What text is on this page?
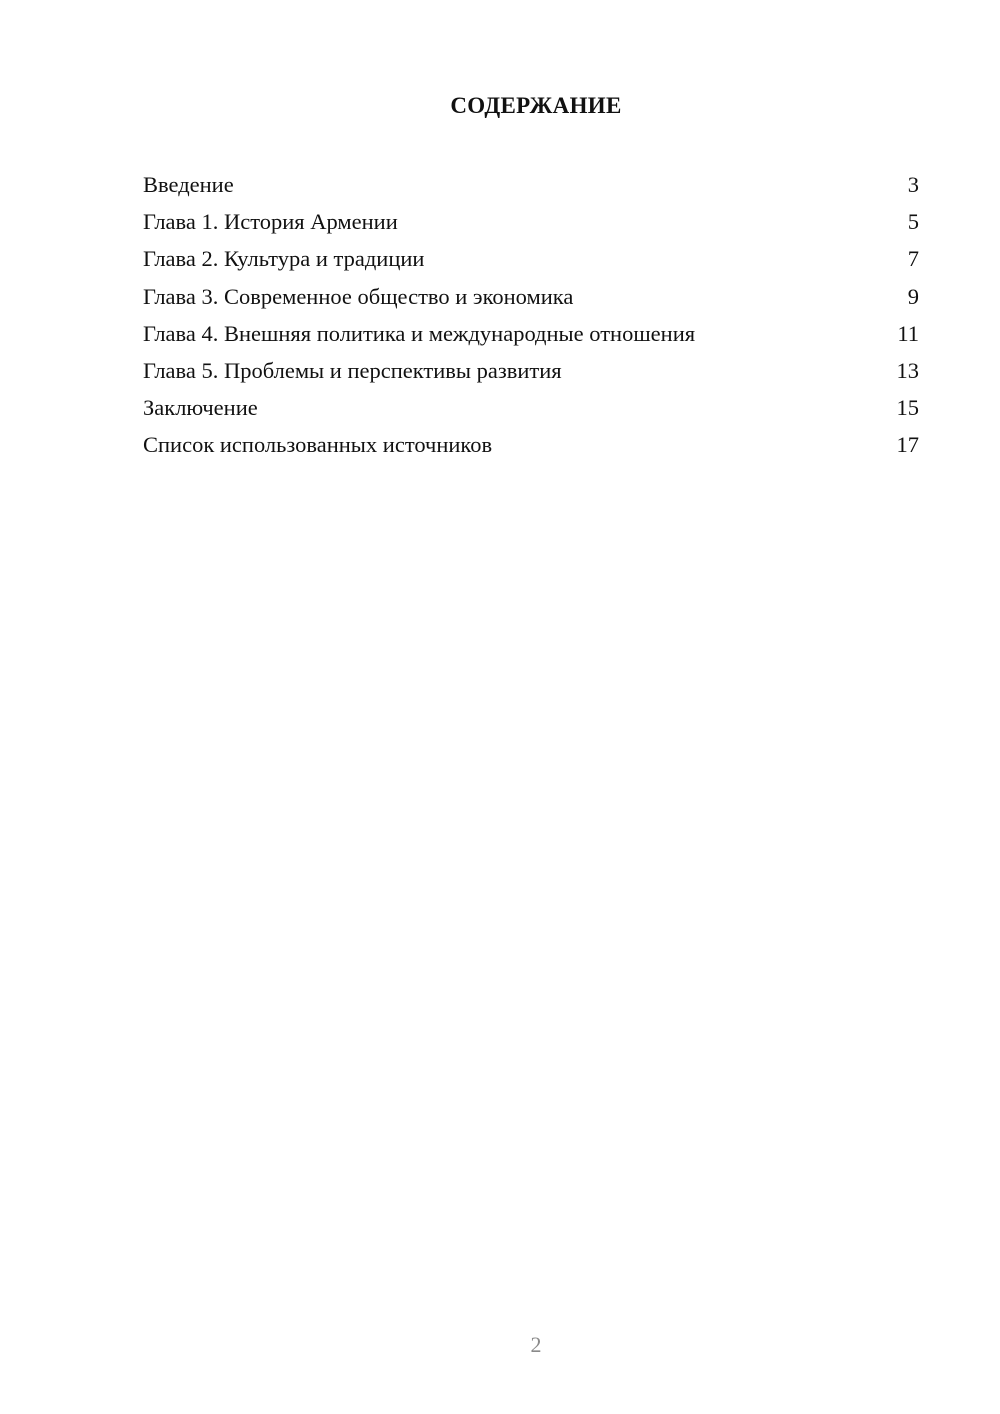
СОДЕРЖАНИЕ
Введение	3
Глава 1. История Армении	5
Глава 2. Культура и традиции	7
Глава 3. Современное общество и экономика	9
Глава 4. Внешняя политика и международные отношения	11
Глава 5. Проблемы и перспективы развития	13
Заключение	15
Список использованных источников	17
2
